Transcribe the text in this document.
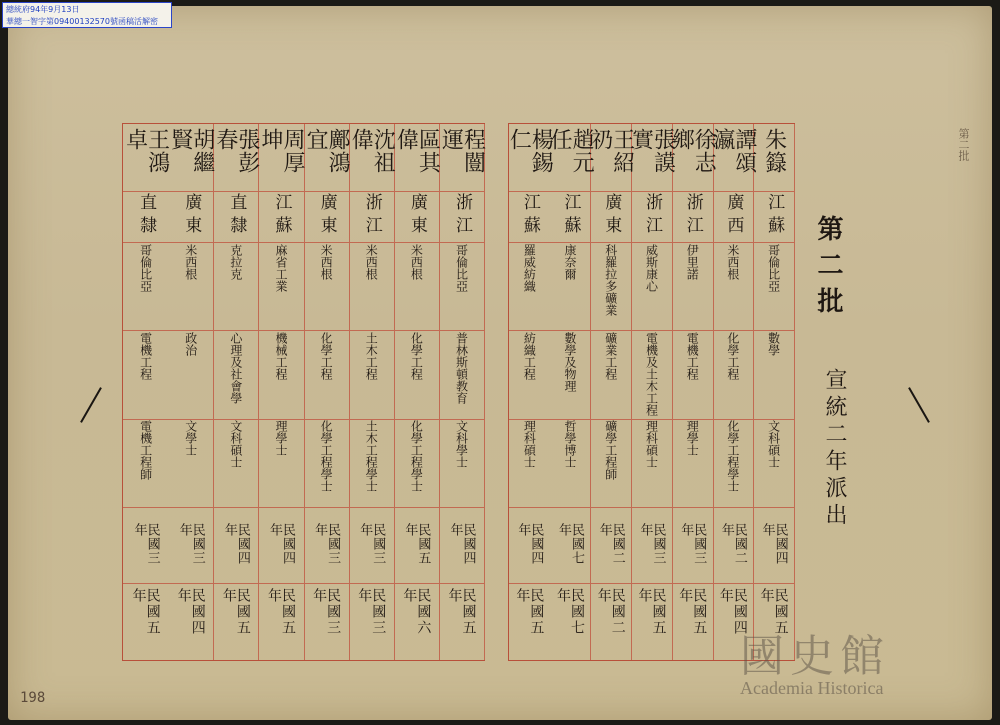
總統府94年9月13日
華總一智字第09400132570號函稿活解密
程闓運
浙江
哥倫比亞
普林斯頓教育
文科學士
民國四年
民國五年
區其偉
廣東
米西根
化學工程
化學工程學士
民國五年
民國六年
沈祖偉
浙江
米西根
土木工程
土木工程學士
民國三年
民國三年
鄺鴻宜
廣東
米西根
化學工程
化學工程學士
民國三年
民國三年
周厚坤
江蘇
麻省工業
機械工程
理學士
民國四年
民國五年
張彭春
直隸
克拉克
心理及社會學
文科碩士
民國四年
民國五年
胡繼賢
廣東
米西根
政治
文學士
民國三年
民國四年
王鴻卓
直隸
哥倫比亞
電機工程
電機工程師
民國三年
民國五年
朱籙
江蘇
哥倫比亞
數學
文科碩士
民國四年
民國五年
譚頌瀛
廣西
米西根
化學工程
化學工程學士
民國二年
民國四年
徐志鄉
浙江
伊里諾
電機工程
理學士
民國三年
民國五年
張謨實
浙江
威斯康心
電機及土木工程
理科碩士
民國三年
民國五年
王紹礽
廣東
科羅拉多礦業
礦業工程
礦學工程師
民國二年
民國二年
趙元任
江蘇
康奈爾
數學及物理
哲學博士
民國七年
民國七年
楊錫仁
江蘇
羅威紡織
紡織工程
理科碩士
民國四年
民國五年
第二批
宣統二年派出
第二批
198
國史館
Academia Historica
